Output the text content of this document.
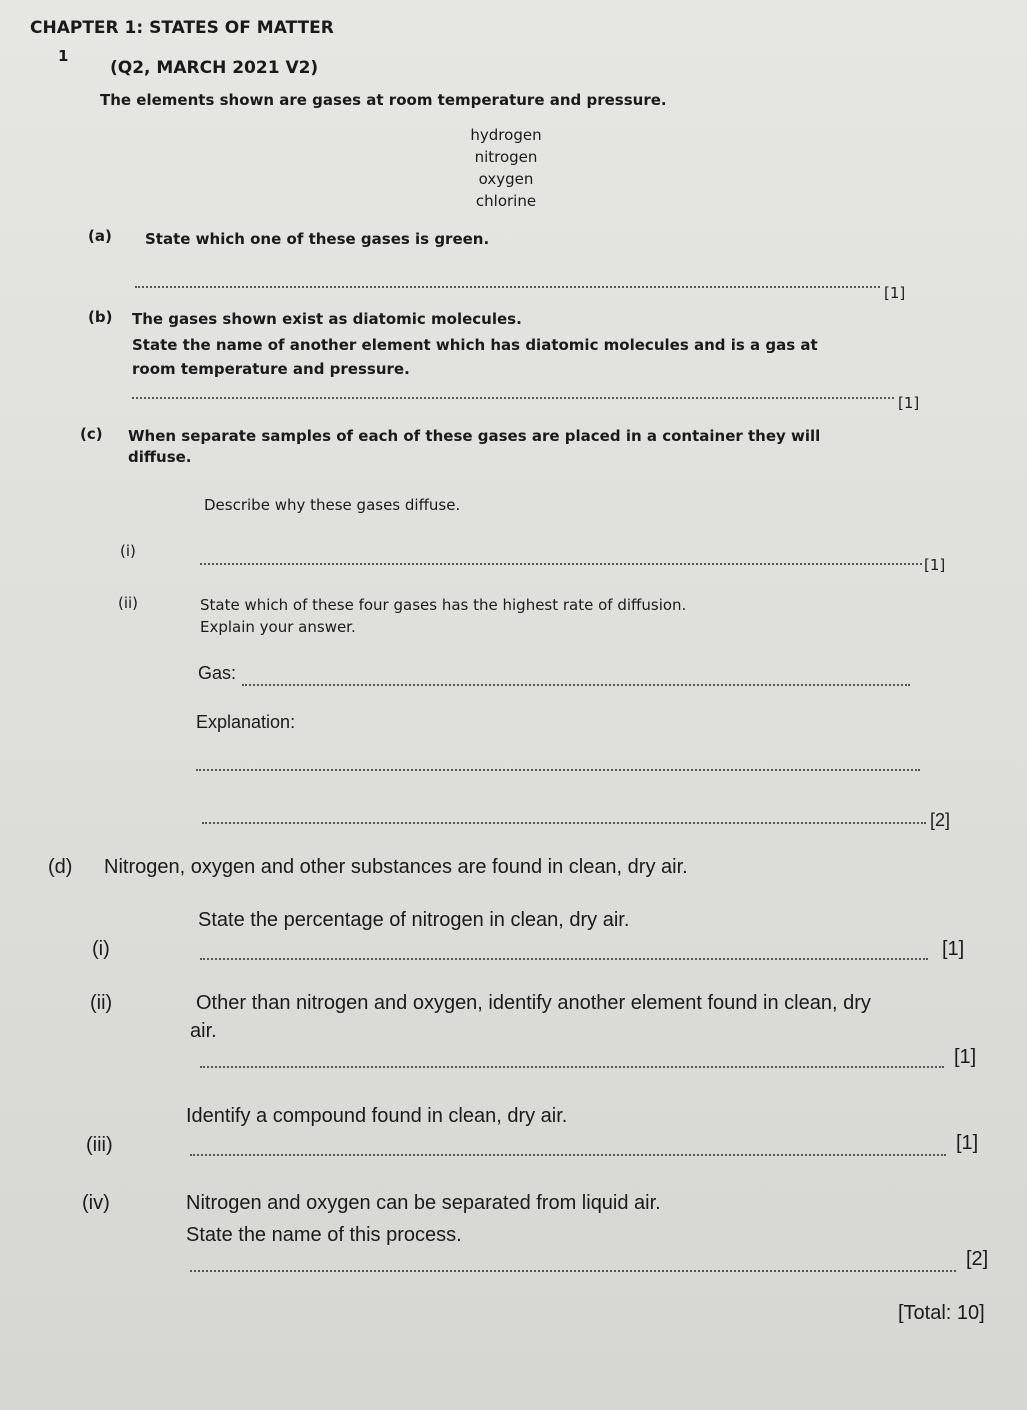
CHAPTER 1: STATES OF MATTER
1
(Q2, MARCH 2021 V2)
The elements shown are gases at room temperature and pressure.
hydrogen
nitrogen
oxygen
chlorine
(a) State which one of these gases is green.
[1]
(b) The gases shown exist as diatomic molecules.
State the name of another element which has diatomic molecules and is a gas at
room temperature and pressure.
[1]
(c) When separate samples of each of these gases are placed in a container they will
diffuse.
Describe why these gases diffuse.
(i)
[1]
(ii)	State which of these four gases has the highest rate of diffusion.
Explain your answer.
Gas:
Explanation:
[2]
(d) Nitrogen, oxygen and other substances are found in clean, dry air.
State the percentage of nitrogen in clean, dry air.
(i)	[1]
(ii)	Other than nitrogen and oxygen, identify another element found in clean, dry
air.
[1]
Identify a compound found in clean, dry air.
(iii)	[1]
(iv)	Nitrogen and oxygen can be separated from liquid air.
State the name of this process.
[2]
[Total: 10]
